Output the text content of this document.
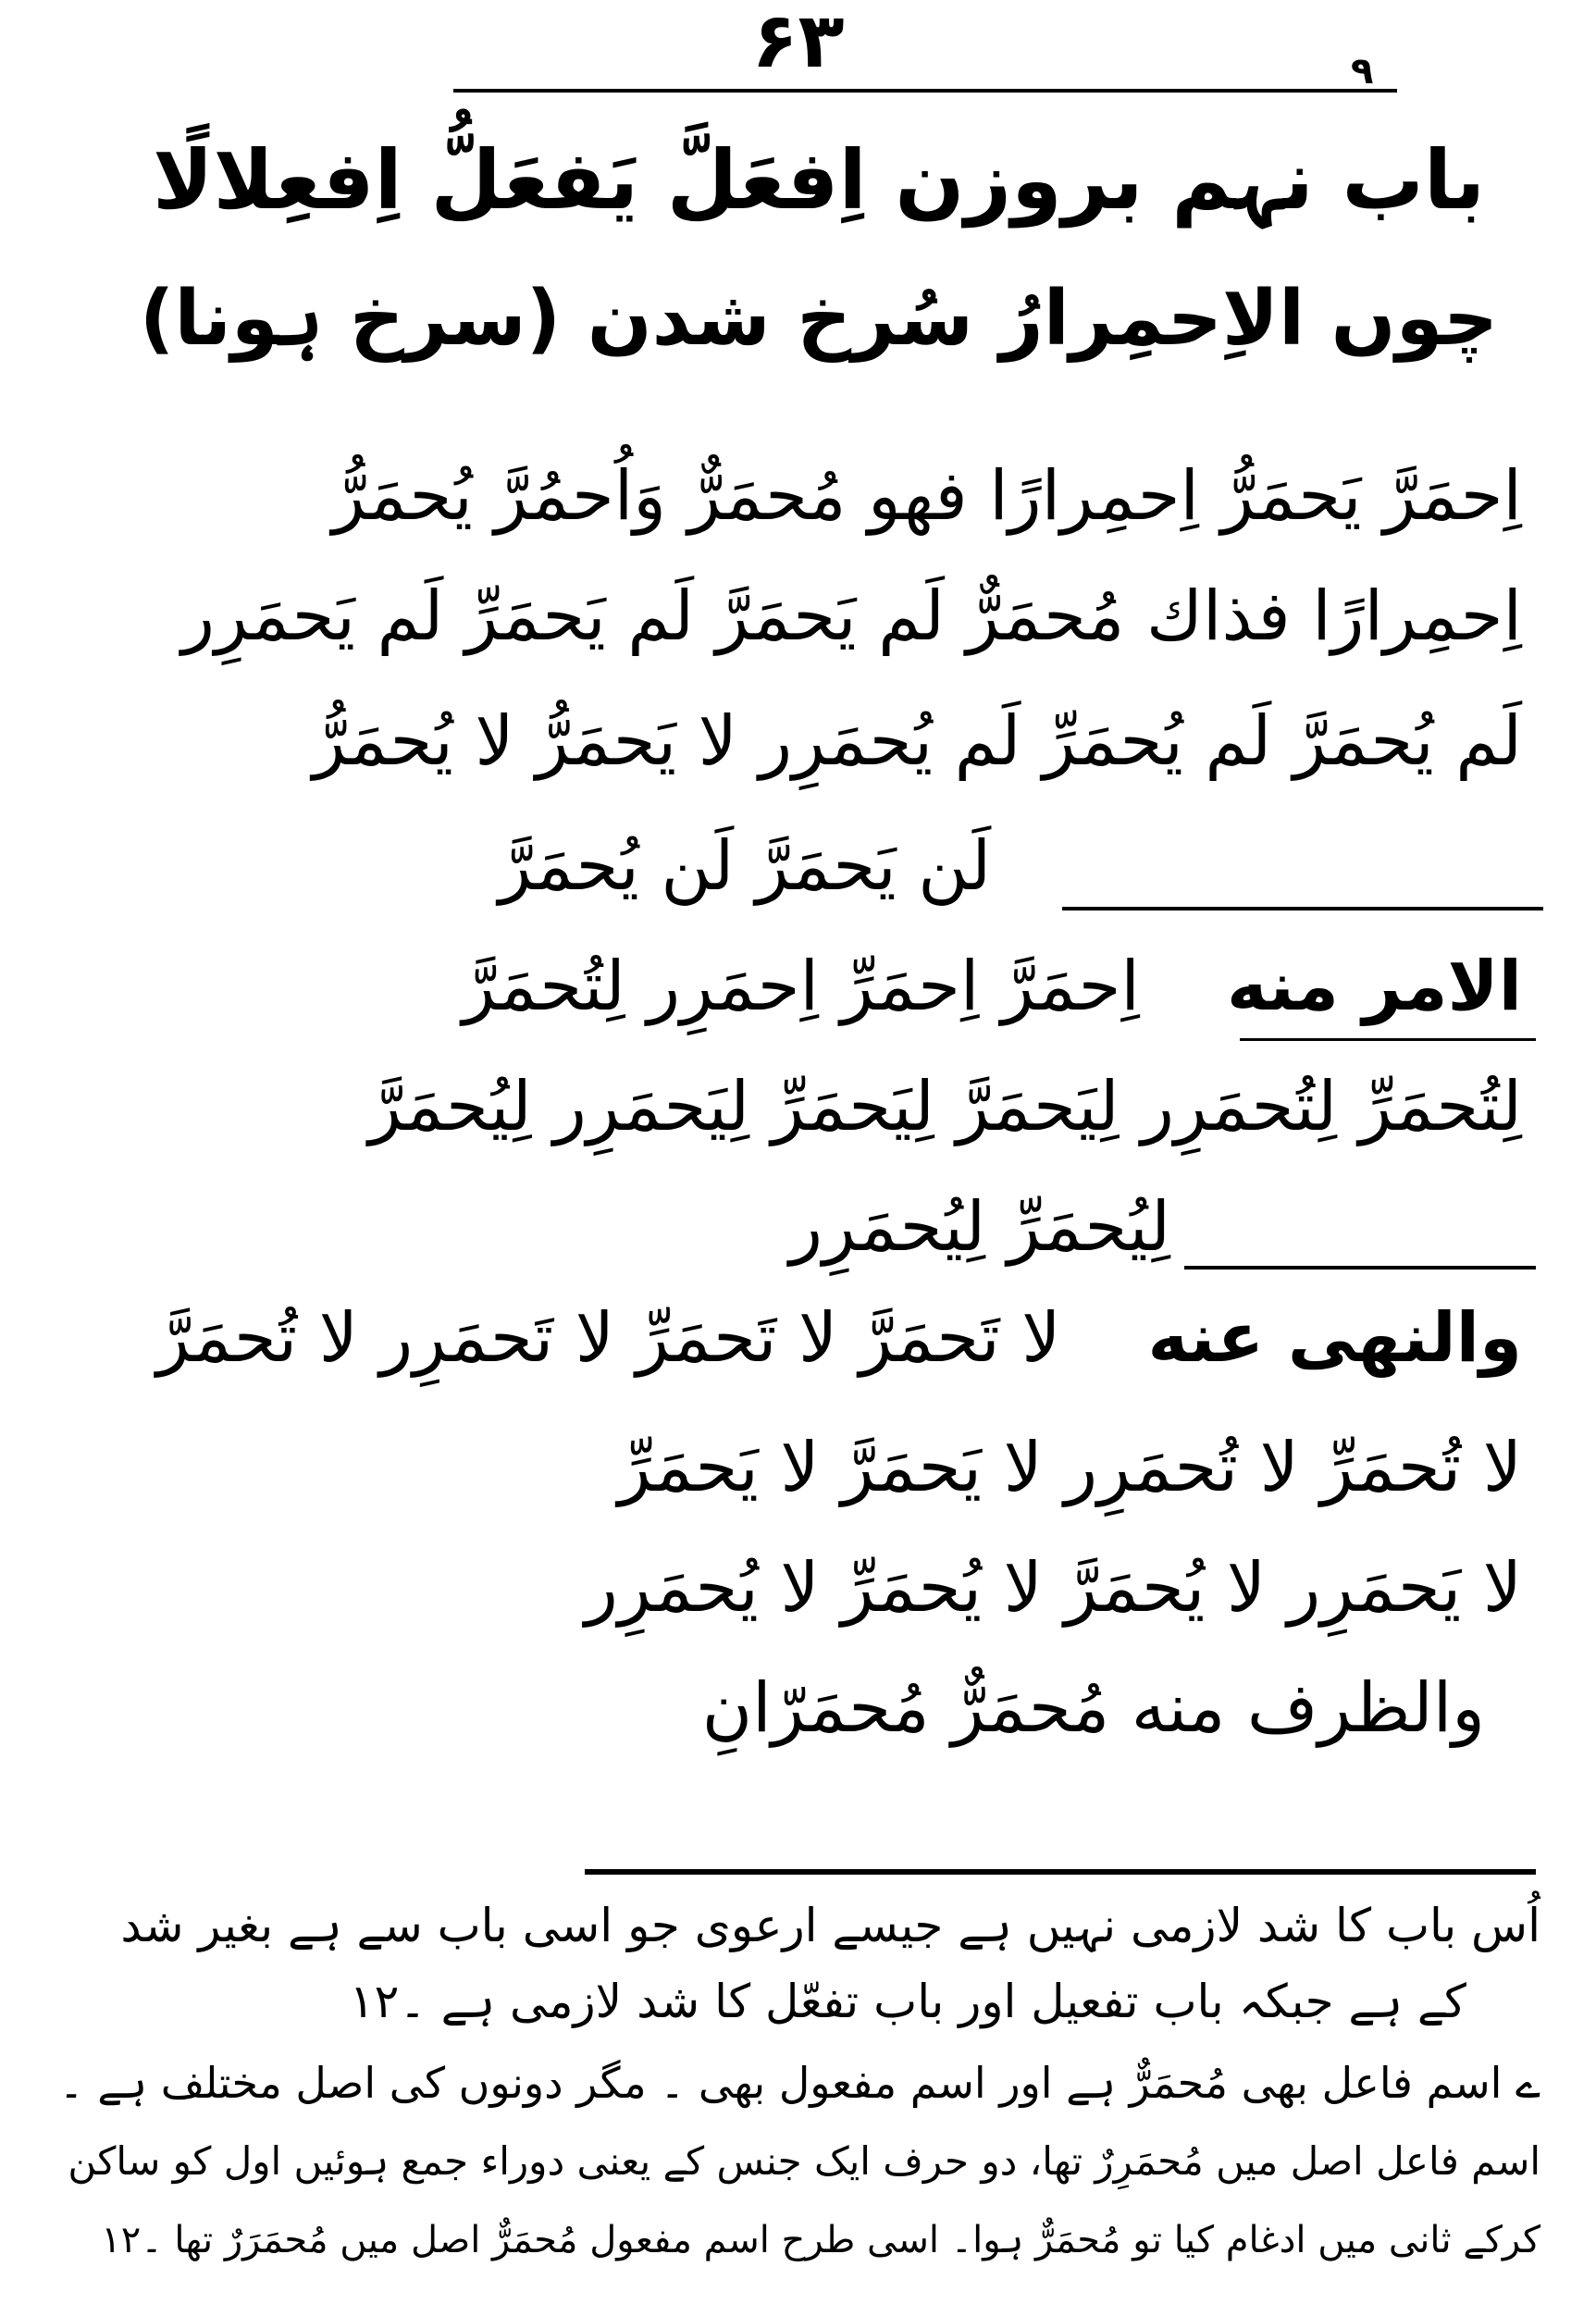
۶۳	۹
باب نہم بروزن اِفعَلَّ یَفعَلُّ اِفعِلالًا
چوں الاِحمِرارُ سُرخ شدن (سرخ ہونا)
اِحمَرَّ یَحمَرُّ اِحمِرارًا فھو مُحمَرٌّ وَاُحمُرَّ یُحمَرُّ
اِحمِرارًا فذاك مُحمَرٌّ لَم یَحمَرَّ لَم یَحمَرِّ لَم یَحمَرِر
لَم یُحمَرَّ لَم یُحمَرِّ لَم یُحمَرِر لا یَحمَرُّ لا یُحمَرُّ
لَن یَحمَرَّ لَن یُحمَرَّ
الامر منه    اِحمَرَّ اِحمَرِّ اِحمَرِر لِتُحمَرَّ
لِتُحمَرِّ لِتُحمَرِر لِیَحمَرَّ لِیَحمَرِّ لِیَحمَرِر لِیُحمَرَّ
لِیُحمَرِّ لِیُحمَرِر
والنھی عنه    لا تَحمَرَّ لا تَحمَرِّ لا تَحمَرِر لا تُحمَرَّ
لا تُحمَرِّ لا تُحمَرِر لا یَحمَرَّ لا یَحمَرِّ
لا یَحمَرِر لا یُحمَرَّ لا یُحمَرِّ لا یُحمَرِر
والظرف منه مُحمَرٌّ مُحمَرّانِ
اُس باب کا شد لازمی نہیں ہے جیسے ارعوی جو اسی باب سے ہے بغیر شد
کے ہے جبکہ باب تفعیل اور باب تفعّل کا شد لازمی ہے ۔۱۲
ے اسم فاعل بھی مُحمَرٌّ ہے اور اسم مفعول بھی ۔ مگر دونوں کی اصل مختلف ہے ۔
اسم فاعل اصل میں مُحمَرِرٌ تھا، دو حرف ایک جنس کے یعنی دوراء جمع ہوئیں اول کو ساکن
کرکے ثانی میں ادغام کیا تو مُحمَرٌّ ہوا۔ اسی طرح اسم مفعول مُحمَرٌّ اصل میں مُحمَرَرٌ تھا ۔۱۲
